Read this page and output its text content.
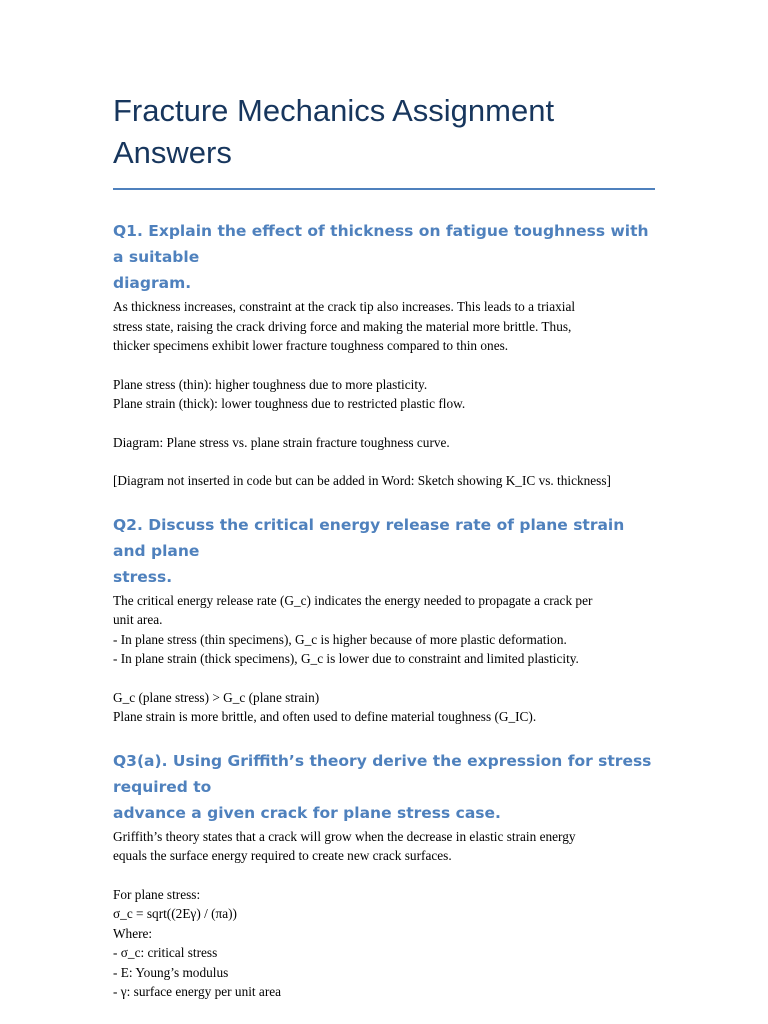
Fracture Mechanics Assignment
Answers
Q1. Explain the effect of thickness on fatigue toughness with a suitable
diagram.

As thickness increases, constraint at the crack tip also increases. This leads to a triaxial
stress state, raising the crack driving force and making the material more brittle. Thus,
thicker specimens exhibit lower fracture toughness compared to thin ones.

Plane stress (thin): higher toughness due to more plasticity.
Plane strain (thick): lower toughness due to restricted plastic flow.

Diagram: Plane stress vs. plane strain fracture toughness curve.

[Diagram not inserted in code but can be added in Word: Sketch showing K_IC vs. thickness]

Q2. Discuss the critical energy release rate of plane strain and plane
stress.

The critical energy release rate (G_c) indicates the energy needed to propagate a crack per
unit area.
- In plane stress (thin specimens), G_c is higher because of more plastic deformation.
- In plane strain (thick specimens), G_c is lower due to constraint and limited plasticity.

G_c (plane stress) > G_c (plane strain)
Plane strain is more brittle, and often used to define material toughness (G_IC).

Q3(a). Using Griffith’s theory derive the expression for stress required to
advance a given crack for plane stress case.

Griffith’s theory states that a crack will grow when the decrease in elastic strain energy
equals the surface energy required to create new crack surfaces.

For plane stress:
σ_c = sqrt((2Eγ) / (πa))
Where:
- σ_c: critical stress
- E: Young’s modulus
- γ: surface energy per unit area
